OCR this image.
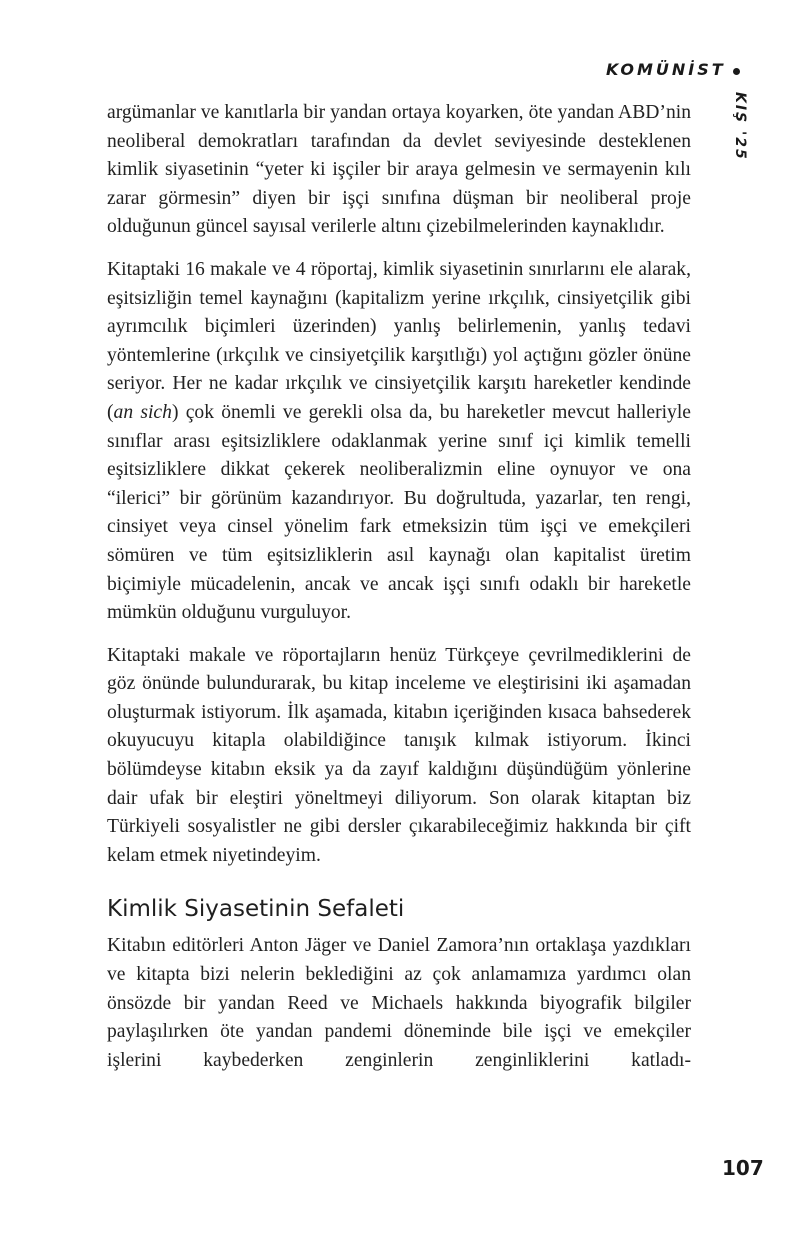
KOMÜNİST
KIŞ '25

argümanlar ve kanıtlarla bir yandan ortaya koyarken, öte yandan ABD’nin neoliberal demokratları tarafından da devlet seviyesinde desteklenen kimlik siyasetinin “yeter ki işçiler bir araya gelmesin ve sermayenin kılı zarar görmesin” diyen bir işçi sınıfına düşman bir neoliberal proje olduğunun güncel sayısal verilerle altını çizebilmelerinden kaynaklıdır.

Kitaptaki 16 makale ve 4 röportaj, kimlik siyasetinin sınırlarını ele alarak, eşitsizliğin temel kaynağını (kapitalizm yerine ırkçılık, cinsiyetçilik gibi ayrımcılık biçimleri üzerinden) yanlış belirlemenin, yanlış tedavi yöntemlerine (ırkçılık ve cinsiyetçilik karşıtlığı) yol açtığını gözler önüne seriyor. Her ne kadar ırkçılık ve cinsiyetçilik karşıtı hareketler kendinde (an sich) çok önemli ve gerekli olsa da, bu hareketler mevcut halleriyle sınıflar arası eşitsizliklere odaklanmak yerine sınıf içi kimlik temelli eşitsizliklere dikkat çekerek neoliberalizmin eline oynuyor ve ona “ilerici” bir görünüm kazandırıyor. Bu doğrultuda, yazarlar, ten rengi, cinsiyet veya cinsel yönelim fark etmeksizin tüm işçi ve emekçileri sömüren ve tüm eşitsizliklerin asıl kaynağı olan kapitalist üretim biçimiyle mücadelenin, ancak ve ancak işçi sınıfı odaklı bir hareketle mümkün olduğunu vurguluyor.

Kitaptaki makale ve röportajların henüz Türkçeye çevrilmediklerini de göz önünde bulundurarak, bu kitap inceleme ve eleştirisini iki aşamadan oluşturmak istiyorum. İlk aşamada, kitabın içeriğinden kısaca bahsederek okuyucuyu kitapla olabildiğince tanışık kılmak istiyorum. İkinci bölümdeyse kitabın eksik ya da zayıf kaldığını düşündüğüm yönlerine dair ufak bir eleştiri yöneltmeyi diliyorum. Son olarak kitaptan biz Türkiyeli sosyalistler ne gibi dersler çıkarabileceğimiz hakkında bir çift kelam etmek niyetindeyim.

Kimlik Siyasetinin Sefaleti

Kitabın editörleri Anton Jäger ve Daniel Zamora’nın ortaklaşa yazdıkları ve kitapta bizi nelerin beklediğini az çok anlamamıza yardımcı olan önsözde bir yandan Reed ve Michaels hakkında biyografik bilgiler paylaşılırken öte yandan pandemi döneminde bile işçi ve emekçiler işlerini kaybederken zenginlerin zenginliklerini katladı-

107
